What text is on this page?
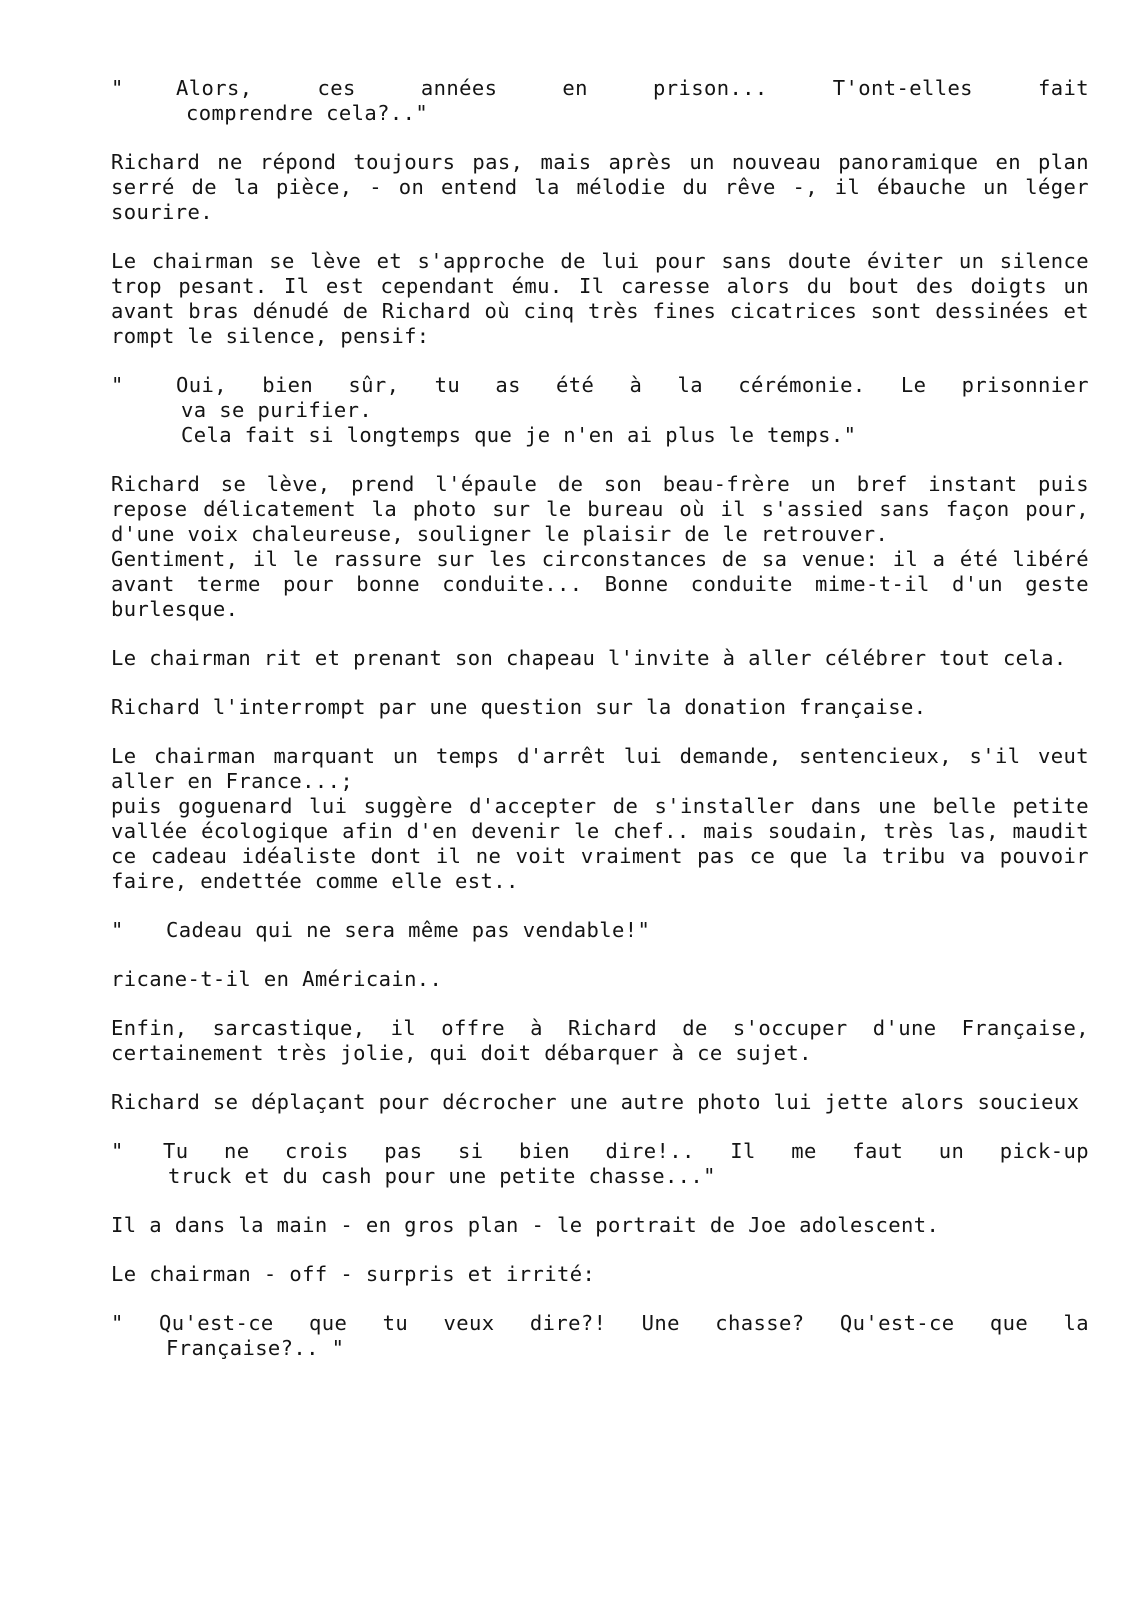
"	Alors, ces années en prison... T'ont-elles fait
comprendre cela?.."

Richard ne répond toujours pas, mais après un nouveau panoramique en plan serré de la pièce, - on entend la mélodie du rêve -, il ébauche un léger sourire.

Le chairman se lève et s'approche de lui pour sans doute éviter un silence trop pesant. Il est cependant ému. Il caresse alors du bout des doigts un avant bras dénudé de Richard où cinq très fines cicatrices sont dessinées et rompt le silence, pensif:

"	Oui, bien sûr, tu as été à la cérémonie. Le prisonnier
va se purifier.
Cela fait si longtemps que je n'en ai plus le temps."

Richard se lève, prend l'épaule de son beau-frère un bref instant puis repose délicatement la photo sur le bureau où il s'assied sans façon pour, d'une voix chaleureuse, souligner le plaisir de le retrouver.

Gentiment, il le rassure sur les circonstances de sa venue: il a été libéré avant terme pour bonne conduite... Bonne conduite mime-t-il d'un geste burlesque.

Le chairman rit et prenant son chapeau l'invite à aller célébrer tout cela.

Richard l'interrompt par une question sur la donation française.

Le chairman marquant un temps d'arrêt lui demande, sentencieux, s'il veut aller en France...;

puis goguenard lui suggère d'accepter de s'installer dans une belle petite vallée écologique afin d'en devenir le chef.. mais soudain, très las, maudit ce cadeau idéaliste dont il ne voit vraiment pas ce que la tribu va pouvoir faire, endettée comme elle est..

"	Cadeau qui ne sera même pas vendable!"

ricane-t-il en Américain..

Enfin, sarcastique, il offre à Richard de s'occuper d'une Française, certainement très jolie, qui doit débarquer à ce sujet.

Richard se déplaçant pour décrocher une autre photo lui jette alors soucieux

"	Tu ne crois pas si bien dire!.. Il me faut un pick-up
truck et du cash pour une petite chasse..."

Il a dans la main - en gros plan - le portrait de Joe adolescent.

Le chairman - off - surpris et irrité:

"	Qu'est-ce que tu veux dire?! Une chasse? Qu'est-ce que la
Française?.. "
